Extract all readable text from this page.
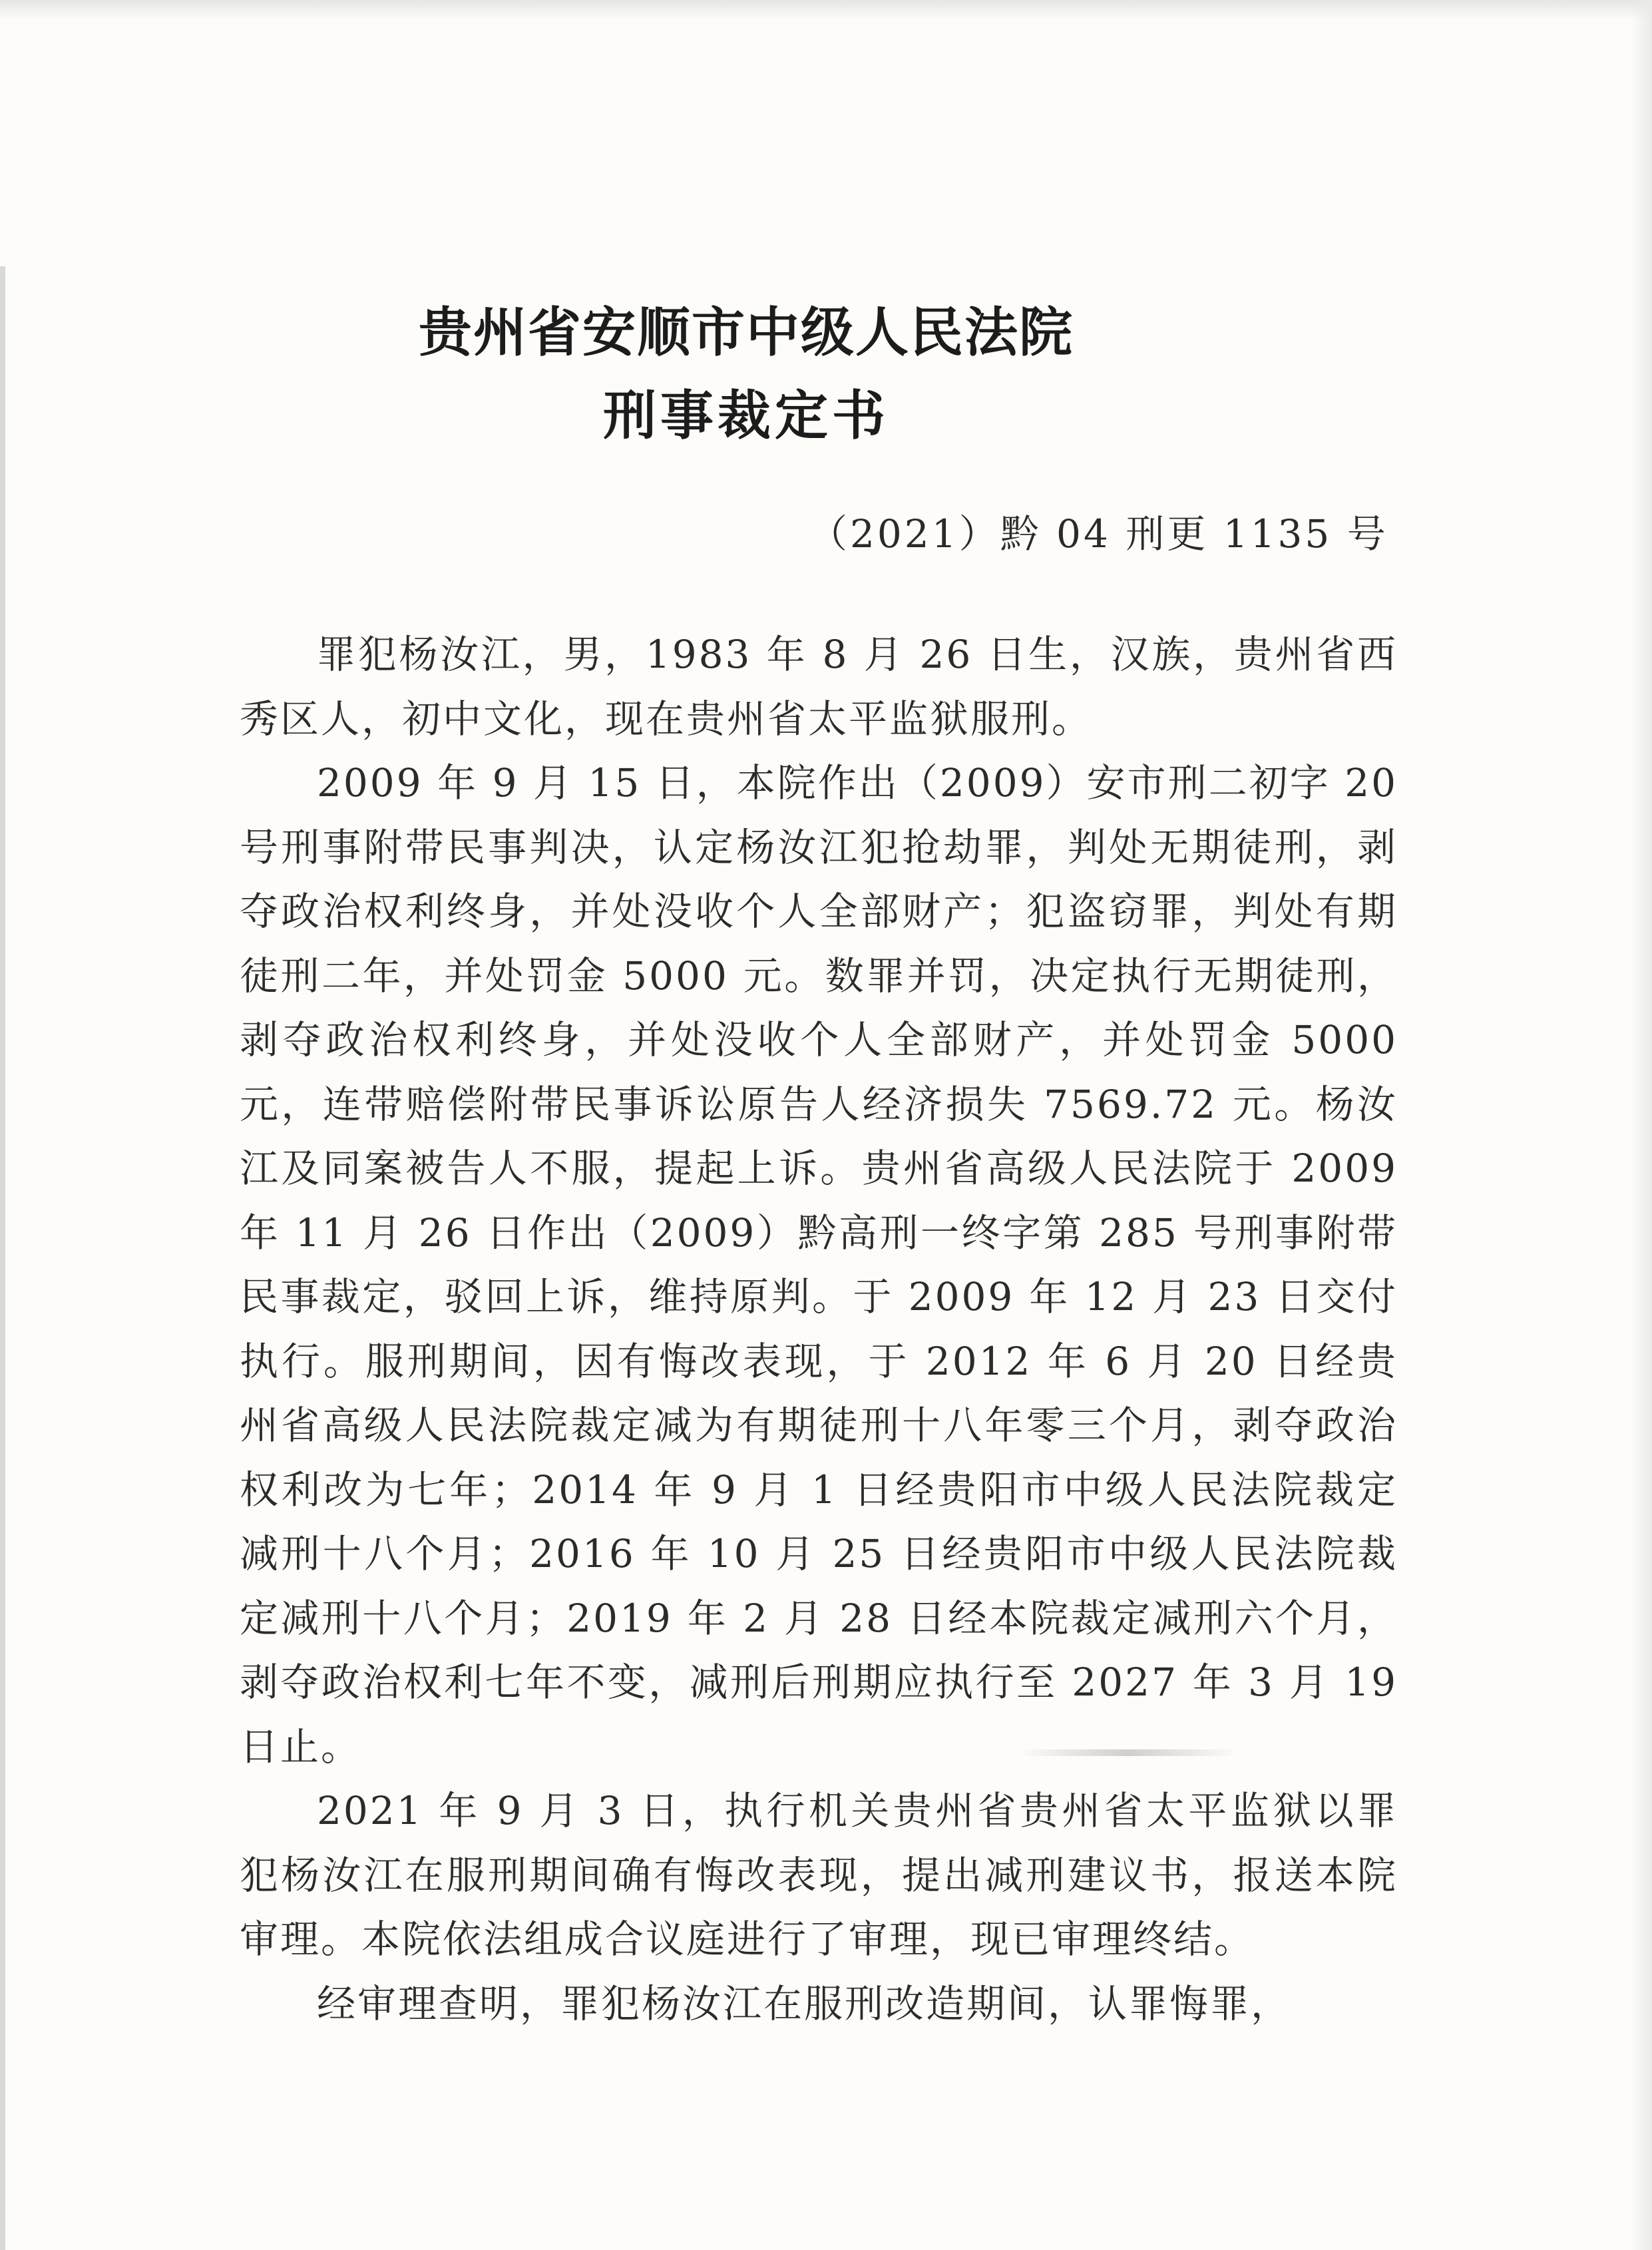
贵州省安顺市中级人民法院
刑事裁定书
（2021）黔 04 刑更 1135 号

罪犯杨汝江，男，1983 年 8 月 26 日生，汉族，贵州省西秀区人，初中文化，现在贵州省太平监狱服刑。

2009 年 9 月 15 日，本院作出（2009）安市刑二初字 20 号刑事附带民事判决，认定杨汝江犯抢劫罪，判处无期徒刑，剥夺政治权利终身，并处没收个人全部财产；犯盗窃罪，判处有期徒刑二年，并处罚金 5000 元。数罪并罚，决定执行无期徒刑，剥夺政治权利终身，并处没收个人全部财产，并处罚金 5000 元，连带赔偿附带民事诉讼原告人经济损失 7569.72 元。杨汝江及同案被告人不服，提起上诉。贵州省高级人民法院于 2009 年 11 月 26 日作出（2009）黔高刑一终字第 285 号刑事附带民事裁定，驳回上诉，维持原判。于 2009 年 12 月 23 日交付执行。服刑期间，因有悔改表现，于 2012 年 6 月 20 日经贵州省高级人民法院裁定减为有期徒刑十八年零三个月，剥夺政治权利改为七年；2014 年 9 月 1 日经贵阳市中级人民法院裁定减刑十八个月；2016 年 10 月 25 日经贵阳市中级人民法院裁定减刑十八个月；2019 年 2 月 28 日经本院裁定减刑六个月，剥夺政治权利七年不变，减刑后刑期应执行至 2027 年 3 月 19 日止。

2021 年 9 月 3 日，执行机关贵州省贵州省太平监狱以罪犯杨汝江在服刑期间确有悔改表现，提出减刑建议书，报送本院审理。本院依法组成合议庭进行了审理，现已审理终结。

经审理查明，罪犯杨汝江在服刑改造期间，认罪悔罪，
